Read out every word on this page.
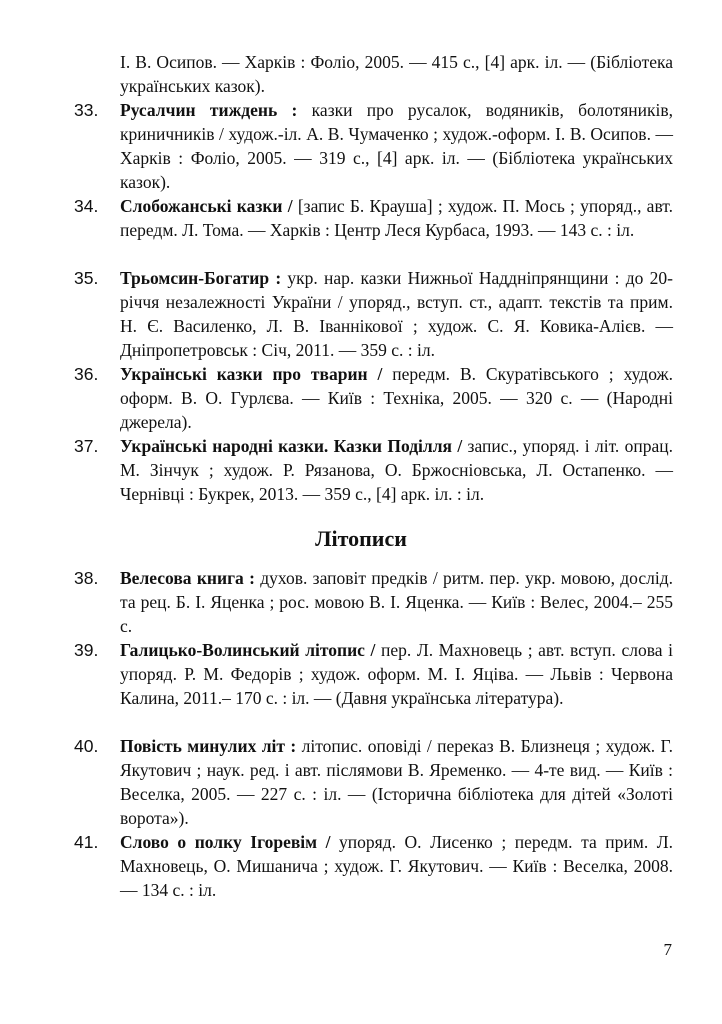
І. В. Осипов. — Харків : Фоліо, 2005. — 415 с., [4] арк. іл. — (Бібліотека українських казок).
33. Русалчин тиждень : казки про русалок, водяників, болотяників, криничників / худож.-іл. А. В. Чумаченко ; худож.-оформ. І. В. Осипов. — Харків : Фоліо, 2005. — 319 с., [4] арк. іл. — (Бібліотека українських казок).
34. Слобожанські казки / [запис Б. Крауша] ; худож. П. Мось ; упоряд., авт. передм. Л. Тома. — Харків : Центр Леся Курбаса, 1993. — 143 с. : іл.
35. Трьомсин-Богатир : укр. нар. казки Нижньої Наддніпрянщини : до 20-річчя незалежності України / упоряд., вступ. ст., адапт. текстів та прим. Н. Є. Василенко, Л. В. Іваннікової ; худож. С. Я. Ковика-Алієв. — Дніпропетровськ : Січ, 2011. — 359 с. : іл.
36. Українські казки про тварин / передм. В. Скуратівського ; худож. оформ. В. О. Гурлєва. — Київ : Техніка, 2005. — 320 с. — (Народні джерела).
37. Українські народні казки. Казки Поділля / запис., упоряд. і літ. опрац. М. Зінчук ; худож. Р. Рязанова, О. Бржоснiовська, Л. Остапенко. — Чернівці : Букрек, 2013. — 359 с., [4] арк. іл. : іл.
Літописи
38. Велесова книга : духов. заповіт предків / ритм. пер. укр. мовою, дослід. та рец. Б. І. Яценка ; рос. мовою В. І. Яценка. — Київ : Велес, 2004.– 255 с.
39. Галицько-Волинський літопис / пер. Л. Махновець ; авт. вступ. слова і упоряд. Р. М. Федорів ; худож. оформ. М. І. Яціва. — Львів : Червона Калина, 2011.– 170 с. : іл. — (Давня українська література).
40. Повість минулих літ : літопис. оповіді / переказ В. Близнеця ; худож. Г. Якутович ; наук. ред. і авт. післямови В. Яременко. — 4-те вид. — Київ : Веселка, 2005. — 227 с. : іл. — (Історична бібліотека для дітей «Золоті ворота»).
41. Слово о полку Ігоревім / упоряд. О. Лисенко ; передм. та прим. Л. Махновець, О. Мишанича ; худож. Г. Якутович. — Київ : Веселка, 2008. — 134 с. : іл.
7
